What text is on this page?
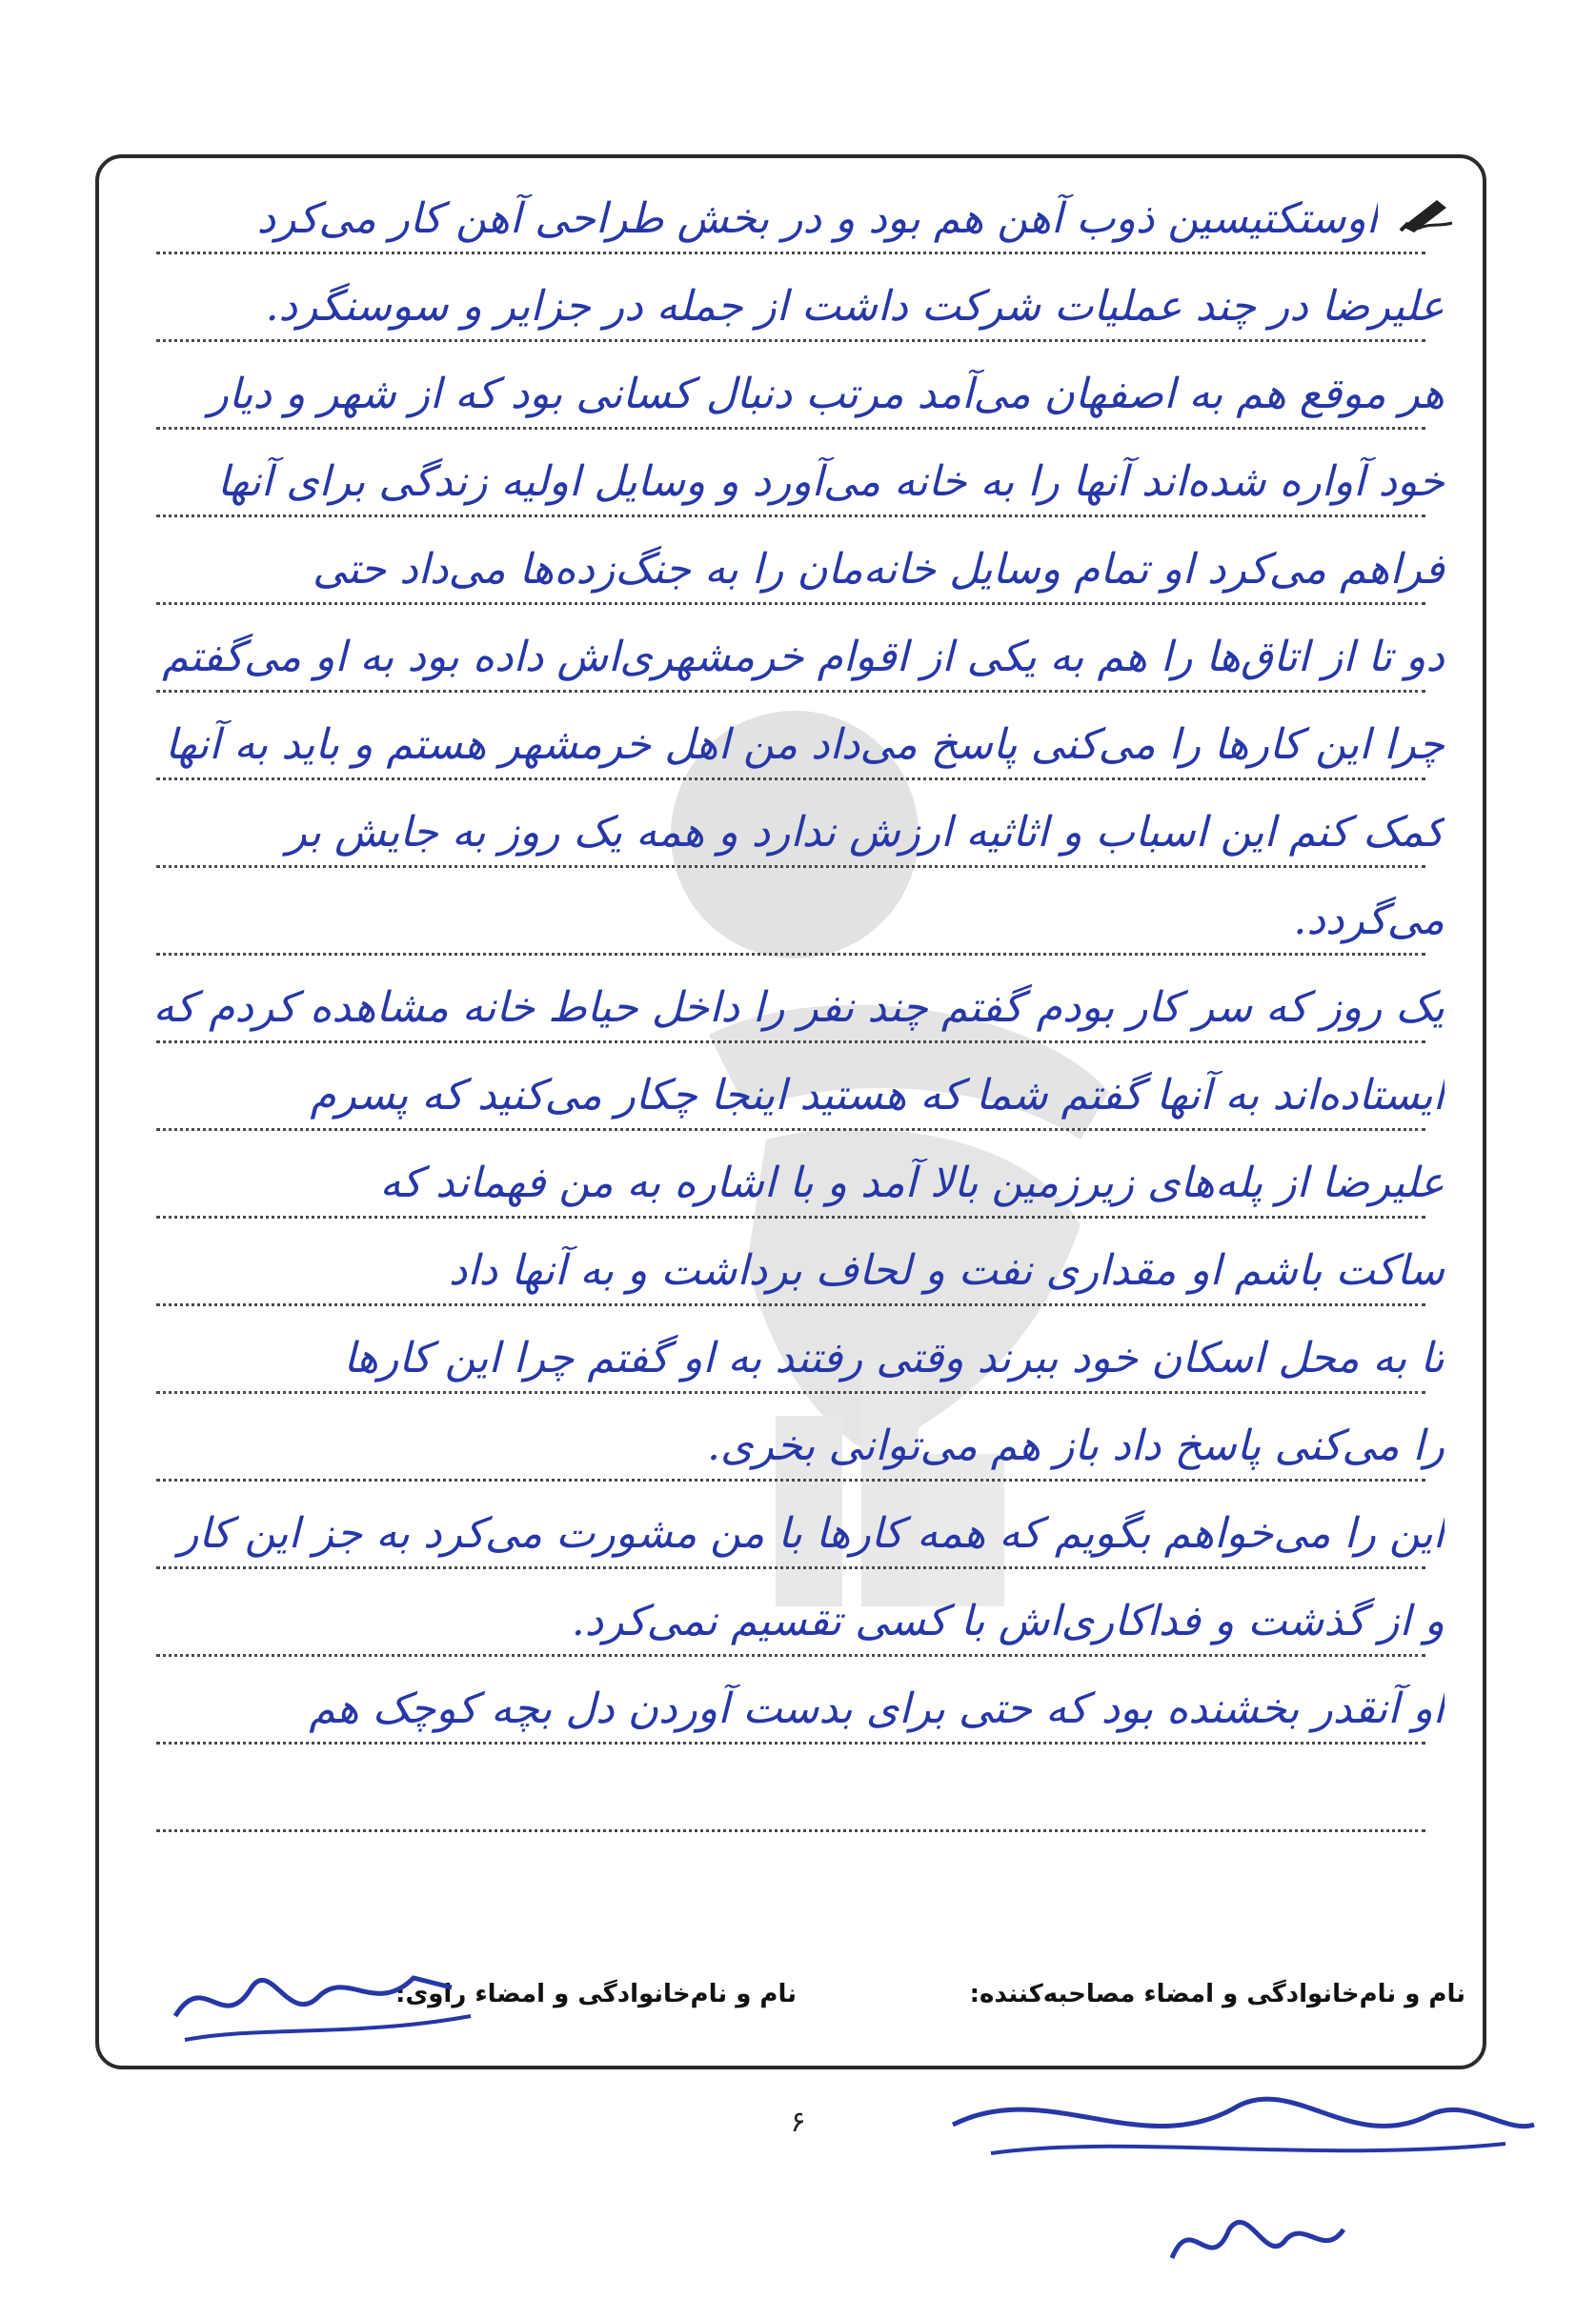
اوستکتیسین ذوب آهن هم بود و در بخش طراحی آهن کار می‌کرد
علیرضا در چند عملیات شرکت داشت از جمله در جزایر و سوسنگرد.
هر موقع هم به اصفهان می‌آمد مرتب دنبال کسانی بود که از شهر و دیار
خود آواره شده‌اند آنها را به خانه می‌آورد و وسایل اولیه زندگی برای آنها
فراهم می‌کرد او تمام وسایل خانه‌مان را به جنگ‌زده‌ها می‌داد حتی
دو تا از اتاق‌ها را هم به یکی از اقوام خرمشهری‌اش داده بود به او می‌گفتم
چرا این کارها را می‌کنی پاسخ می‌داد من اهل خرمشهر هستم و باید به آنها
کمک کنم این اسباب و اثاثیه ارزش ندارد و همه یک روز به جایش بر
می‌گردد.
یک روز که سر کار بودم گفتم چند نفر را داخل حیاط خانه مشاهده کردم که
ایستاده‌اند به آنها گفتم شما که هستید اینجا چکار می‌کنید که پسرم
علیرضا از پله‌های زیرزمین بالا آمد و با اشاره به من فهماند که
ساکت باشم او مقداری نفت و لحاف برداشت و به آنها داد
تا به محل اسکان خود ببرند وقتی رفتند به او گفتم چرا این کارها
را می‌کنی پاسخ داد باز هم می‌توانی بخری.
این را می‌خواهم بگویم که همه کارها با من مشورت می‌کرد به جز این کار
و از گذشت و فداکاری‌اش با کسی تقسیم نمی‌کرد.
او آنقدر بخشنده بود که حتی برای بدست آوردن دل بچه کوچک هم
نام و نام‌خانوادگی و امضاء مصاحبه‌کننده:
نام و نام‌خانوادگی و امضاء راوی:
۶
